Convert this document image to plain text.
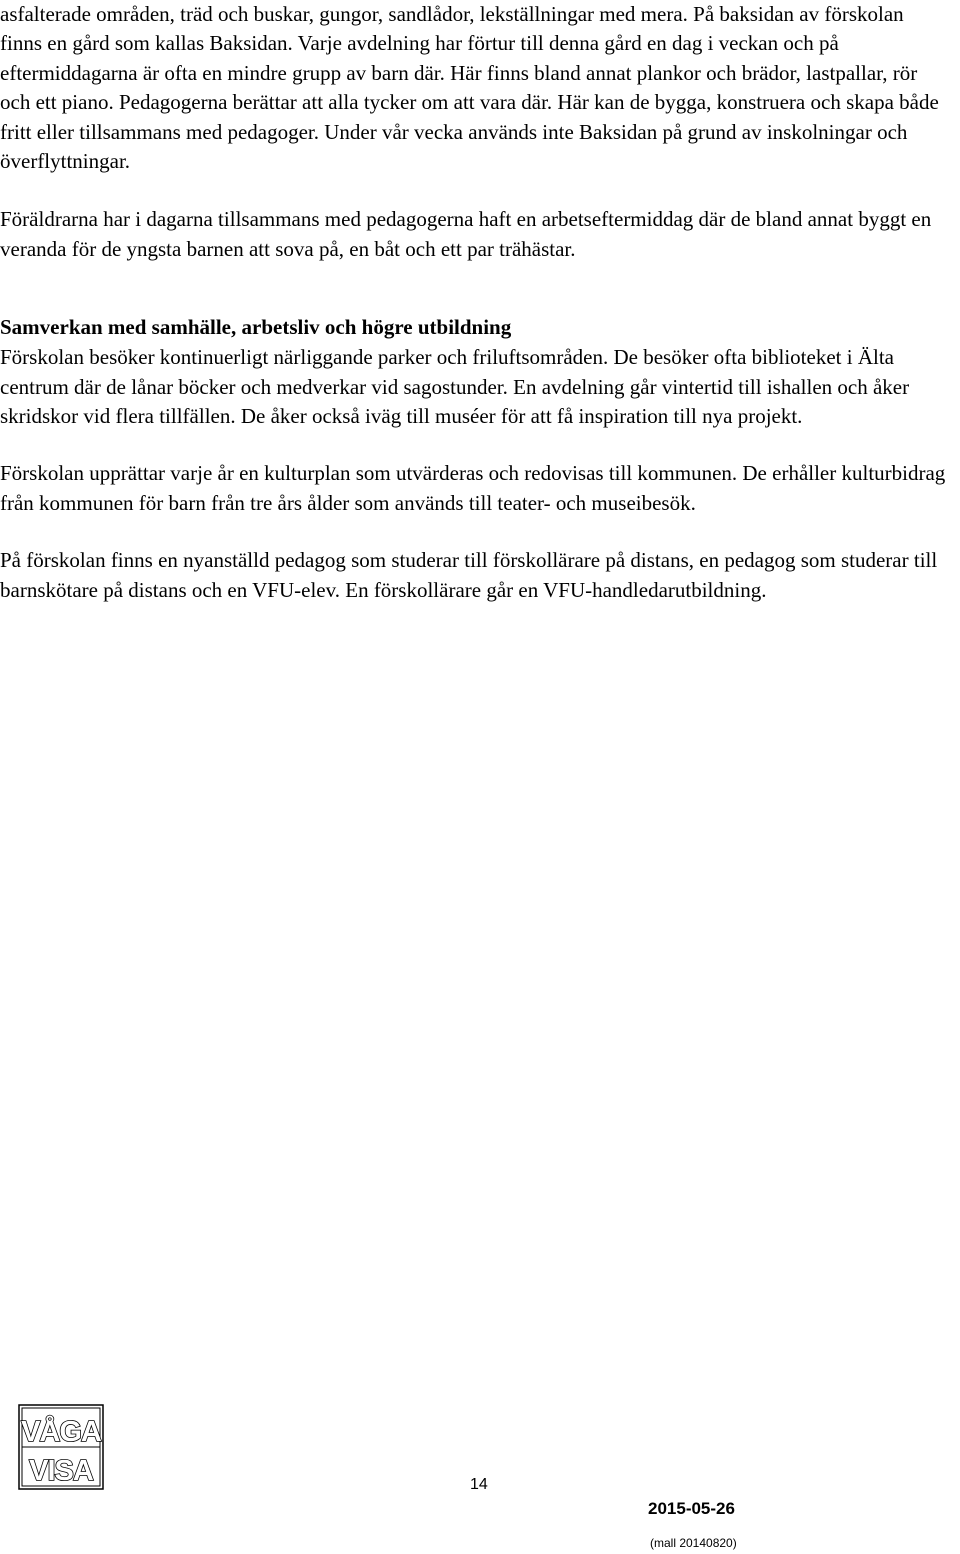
asfalterade områden, träd och buskar, gungor, sandlådor, lekställningar med mera. På baksidan av förskolan finns en gård som kallas Baksidan. Varje avdelning har förtur till denna gård en dag i veckan och på eftermiddagarna är ofta en mindre grupp av barn där. Här finns bland annat plankor och brädor, lastpallar, rör och ett piano. Pedagogerna berättar att alla tycker om att vara där. Här kan de bygga, konstruera och skapa både fritt eller tillsammans med pedagoger. Under vår vecka används inte Baksidan på grund av inskolningar och överflyttningar.

Föräldrarna har i dagarna tillsammans med pedagogerna haft en arbetseftermiddag där de bland annat byggt en veranda för de yngsta barnen att sova på, en båt och ett par trähästar.

Samverkan med samhälle, arbetsliv och högre utbildning

Förskolan besöker kontinuerligt närliggande parker och friluftsområden. De besöker ofta biblioteket i Älta centrum där de lånar böcker och medverkar vid sagostunder. En avdelning går vintertid till ishallen och åker skridskor vid flera tillfällen. De åker också iväg till muséer för att få inspiration till nya projekt.

Förskolan upprättar varje år en kulturplan som utvärderas och redovisas till kommunen. De erhåller kulturbidrag från kommunen för barn från tre års ålder som används till teater- och museibesök.

På förskolan finns en nyanställd pedagog som studerar till förskollärare på distans, en pedagog som studerar till barnskötare på distans och en VFU-elev. En förskollärare går en VFU-handledarutbildning.

VÅGA
VISA	14
2015-05-26
(mall 20140820)
